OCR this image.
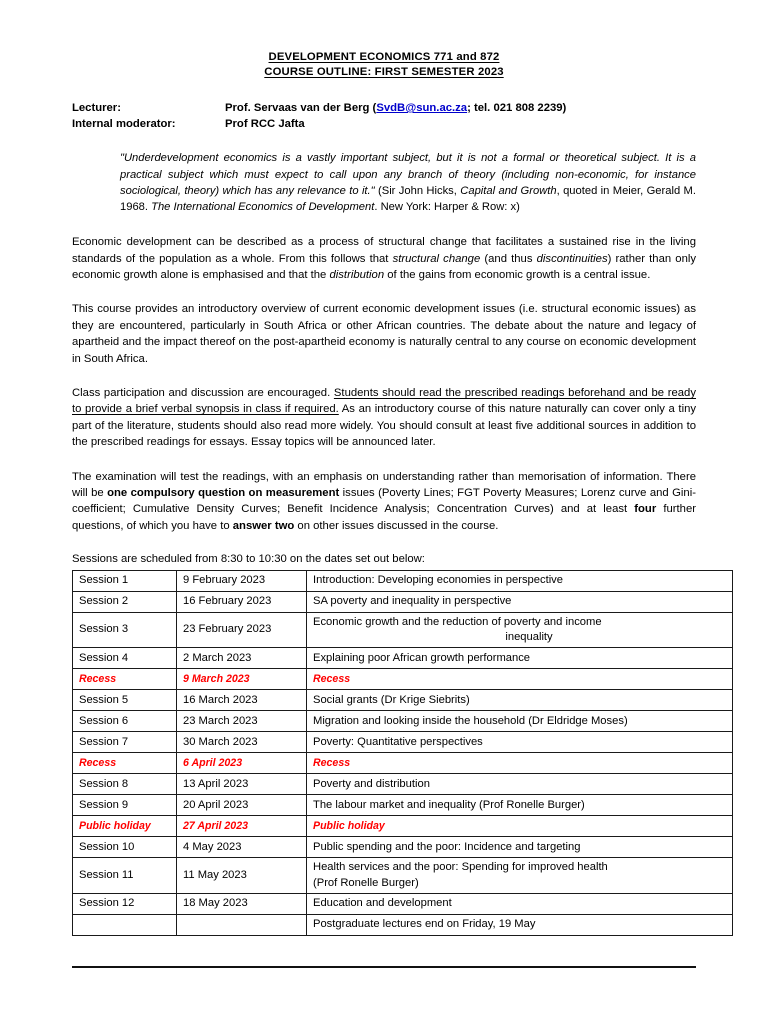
DEVELOPMENT ECONOMICS 771 and 872
COURSE OUTLINE: FIRST SEMESTER 2023
Lecturer:	Prof. Servaas van der Berg (SvdB@sun.ac.za; tel. 021 808 2239)
Internal moderator:	Prof RCC Jafta
"Underdevelopment economics is a vastly important subject, but it is not a formal or theoretical subject. It is a practical subject which must expect to call upon any branch of theory (including non-economic, for instance sociological, theory) which has any relevance to it." (Sir John Hicks, Capital and Growth, quoted in Meier, Gerald M. 1968. The International Economics of Development. New York: Harper & Row: x)

Economic development can be described as a process of structural change that facilitates a sustained rise in the living standards of the population as a whole. From this follows that structural change (and thus discontinuities) rather than only economic growth alone is emphasised and that the distribution of the gains from economic growth is a central issue.

This course provides an introductory overview of current economic development issues (i.e. structural economic issues) as they are encountered, particularly in South Africa or other African countries. The debate about the nature and legacy of apartheid and the impact thereof on the post-apartheid economy is naturally central to any course on economic development in South Africa.

Class participation and discussion are encouraged. Students should read the prescribed readings beforehand and be ready to provide a brief verbal synopsis in class if required. As an introductory course of this nature naturally can cover only a tiny part of the literature, students should also read more widely. You should consult at least five additional sources in addition to the prescribed readings for essays. Essay topics will be announced later.

The examination will test the readings, with an emphasis on understanding rather than memorisation of information. There will be one compulsory question on measurement issues (Poverty Lines; FGT Poverty Measures; Lorenz curve and Gini-coefficient; Cumulative Density Curves; Benefit Incidence Analysis; Concentration Curves) and at least four further questions, of which you have to answer two on other issues discussed in the course.

Sessions are scheduled from 8:30 to 10:30 on the dates set out below:
Session 1	9 February 2023	Introduction: Developing economies in perspective
Session 2	16 February 2023	SA poverty and inequality in perspective
Session 3	23 February 2023	Economic growth and the reduction of poverty and income
inequality

Session 4	2 March 2023	Explaining poor African growth performance
Recess	9 March 2023	Recess
Session 5	16 March 2023	Social grants (Dr Krige Siebrits)
Session 6	23 March 2023	Migration and looking inside the household (Dr Eldridge Moses)
Session 7	30 March 2023	Poverty: Quantitative perspectives
Recess	6 April 2023	Recess
Session 8	13 April 2023	Poverty and distribution
Session 9	20 April 2023	The labour market and inequality (Prof Ronelle Burger)
Public holiday	27 April 2023	Public holiday
Session 10	4 May 2023	Public spending and the poor: Incidence and targeting
Session 11	11 May 2023	Health services and the poor: Spending for improved health
(Prof Ronelle Burger)
Session 12	18 May 2023	Education and development
		Postgraduate lectures end on Friday, 19 May
